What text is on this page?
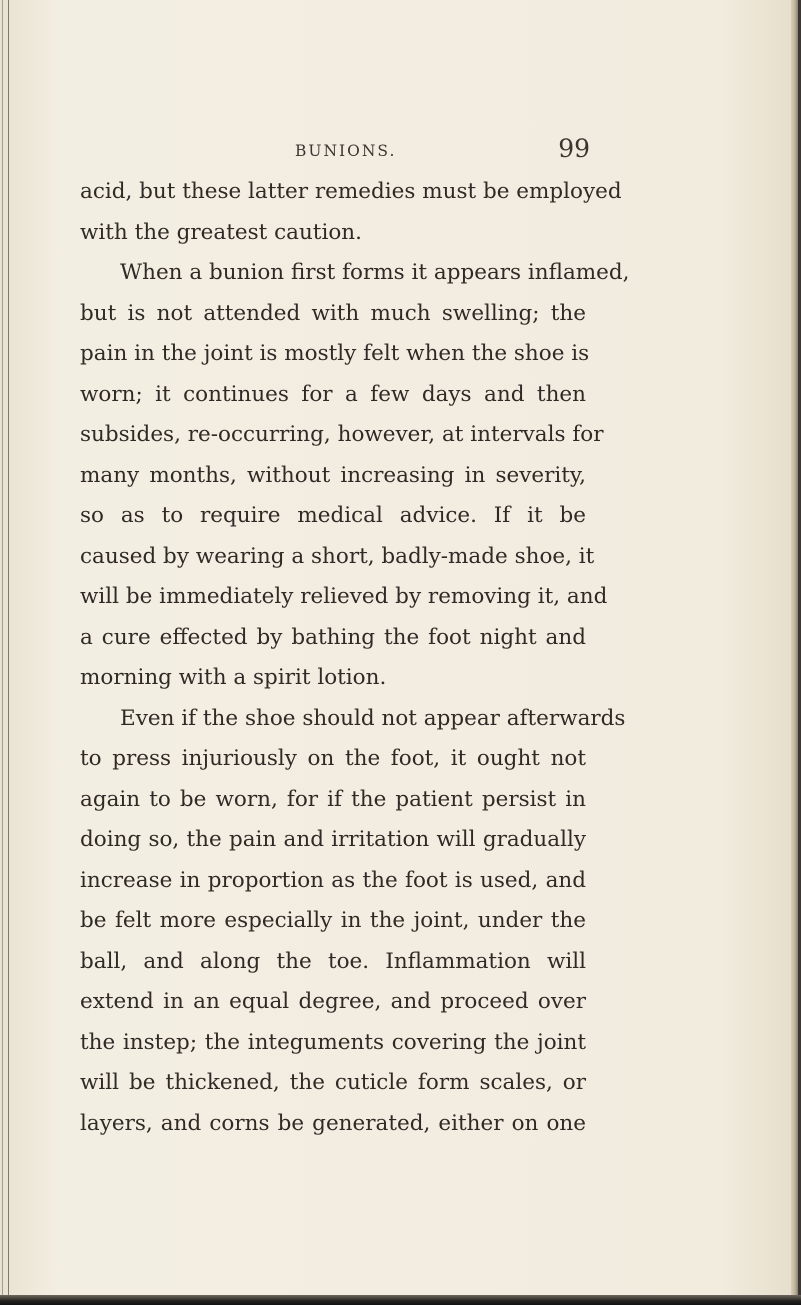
BUNIONS.	99
acid, but these latter remedies must be employed
with the greatest caution.
When a bunion first forms it appears inflamed,
but is not attended with much swelling; the
pain in the joint is mostly felt when the shoe is
worn; it continues for a few days and then
subsides, re-occurring, however, at intervals for
many months, without increasing in severity,
so as to require medical advice. If it be
caused by wearing a short, badly-made shoe, it
will be immediately relieved by removing it, and
a cure effected by bathing the foot night and
morning with a spirit lotion.
Even if the shoe should not appear afterwards
to press injuriously on the foot, it ought not
again to be worn, for if the patient persist in
doing so, the pain and irritation will gradually
increase in proportion as the foot is used, and
be felt more especially in the joint, under the
ball, and along the toe. Inflammation will
extend in an equal degree, and proceed over
the instep; the integuments covering the joint
will be thickened, the cuticle form scales, or
layers, and corns be generated, either on one
